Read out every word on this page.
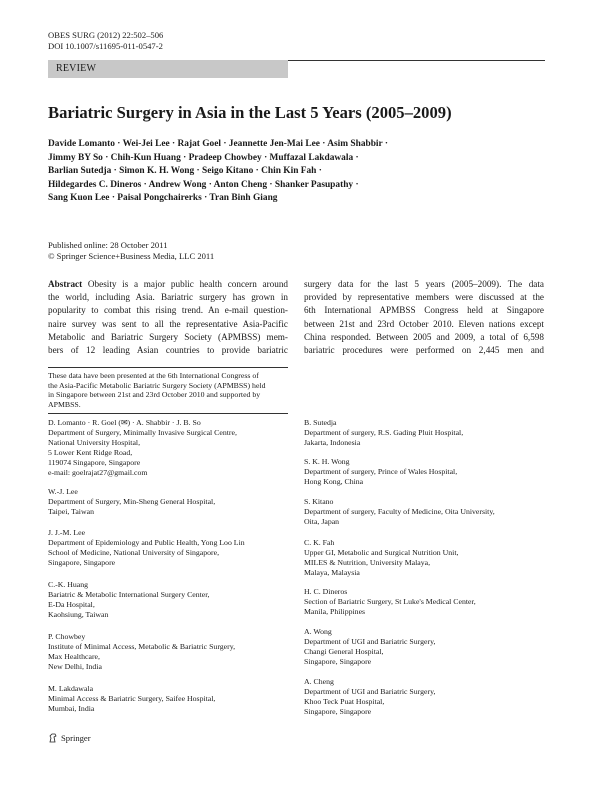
OBES SURG (2012) 22:502–506
DOI 10.1007/s11695-011-0547-2
REVIEW
Bariatric Surgery in Asia in the Last 5 Years (2005–2009)
Davide Lomanto · Wei-Jei Lee · Rajat Goel · Jeannette Jen-Mai Lee · Asim Shabbir ·
Jimmy BY So · Chih-Kun Huang · Pradeep Chowbey · Muffazal Lakdawala ·
Barlian Sutedja · Simon K. H. Wong · Seigo Kitano · Chin Kin Fah ·
Hildegardes C. Dineros · Andrew Wong · Anton Cheng · Shanker Pasupathy ·
Sang Kuon Lee · Paisal Pongchairerks · Tran Binh Giang
Published online: 28 October 2011
© Springer Science+Business Media, LLC 2011
Abstract Obesity is a major public health concern around
the world, including Asia. Bariatric surgery has grown in
popularity to combat this rising trend. An e-mail question-
naire survey was sent to all the representative Asia-Pacific
Metabolic and Bariatric Surgery Society (APMBSS) mem-
bers of 12 leading Asian countries to provide bariatric
surgery data for the last 5 years (2005–2009). The data
provided by representative members were discussed at the
6th International APMBSS Congress held at Singapore
between 21st and 23rd October 2010. Eleven nations except
China responded. Between 2005 and 2009, a total of 6,598
bariatric procedures were performed on 2,445 men and
These data have been presented at the 6th International Congress of
the Asia-Pacific Metabolic Bariatric Surgery Society (APMBSS) held
in Singapore between 21st and 23rd October 2010 and supported by
APMBSS.
D. Lomanto · R. Goel (✉) · A. Shabbir · J. B. So
Department of Surgery, Minimally Invasive Surgical Centre,
National University Hospital,
5 Lower Kent Ridge Road,
119074 Singapore, Singapore
e-mail: goelrajat27@gmail.com
W.-J. Lee
Department of Surgery, Min-Sheng General Hospital,
Taipei, Taiwan
J. J.-M. Lee
Department of Epidemiology and Public Health, Yong Loo Lin
School of Medicine, National University of Singapore,
Singapore, Singapore
C.-K. Huang
Bariatric & Metabolic International Surgery Center,
E-Da Hospital,
Kaohsiung, Taiwan
P. Chowbey
Institute of Minimal Access, Metabolic & Bariatric Surgery,
Max Healthcare,
New Delhi, India
M. Lakdawala
Minimal Access & Bariatric Surgery, Saifee Hospital,
Mumbai, India
B. Sutedja
Department of surgery, R.S. Gading Pluit Hospital,
Jakarta, Indonesia
S. K. H. Wong
Department of surgery, Prince of Wales Hospital,
Hong Kong, China
S. Kitano
Department of surgery, Faculty of Medicine, Oita University,
Oita, Japan
C. K. Fah
Upper GI, Metabolic and Surgical Nutrition Unit,
MILES & Nutrition, University Malaya,
Malaya, Malaysia
H. C. Dineros
Section of Bariatric Surgery, St Luke's Medical Center,
Manila, Philippines
A. Wong
Department of UGI and Bariatric Surgery,
Changi General Hospital,
Singapore, Singapore
A. Cheng
Department of UGI and Bariatric Surgery,
Khoo Teck Puat Hospital,
Singapore, Singapore
Springer
